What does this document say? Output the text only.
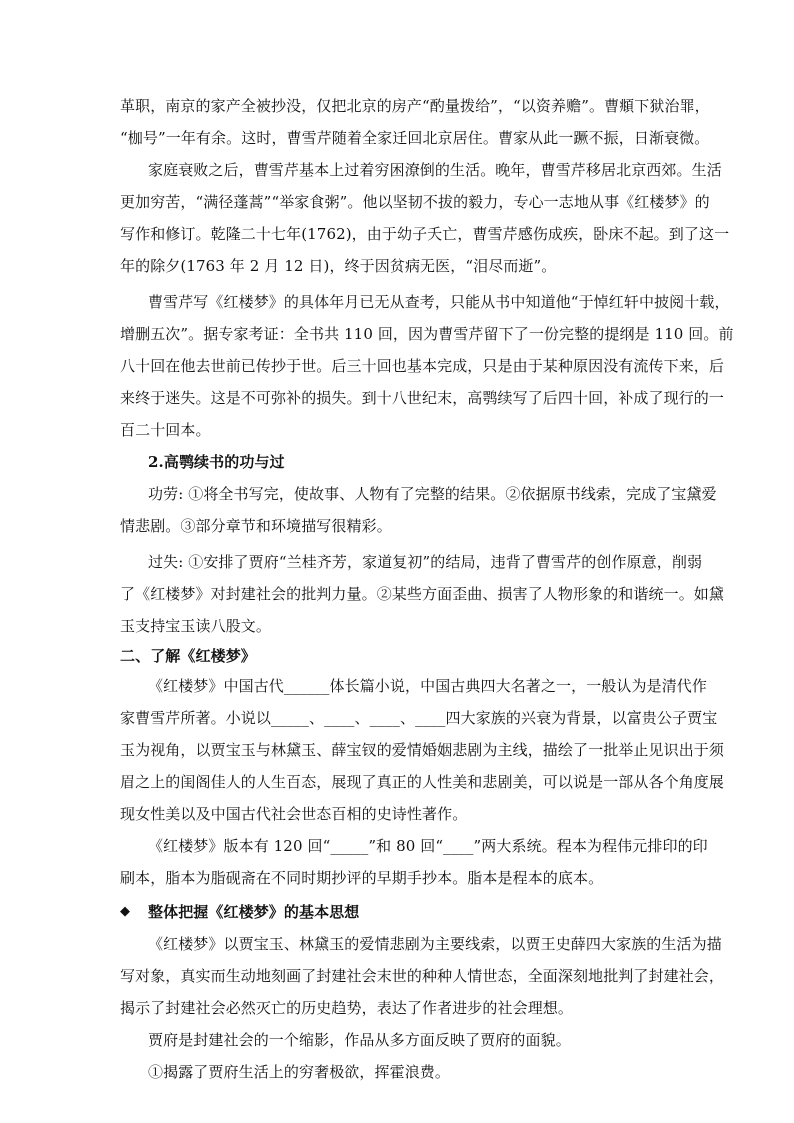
革职，南京的家产全被抄没，仅把北京的房产“酌量拨给”，“以资养赡”。曹頫下狱治罪，
“枷号”一年有余。这时，曹雪芹随着全家迁回北京居住。曹家从此一蹶不振，日渐衰微。
家庭衰败之后，曹雪芹基本上过着穷困潦倒的生活。晚年，曹雪芹移居北京西郊。生活
更加穷苦，“满径蓬蒿”“举家食粥”。他以坚韧不拔的毅力，专心一志地从事《红楼梦》的
写作和修订。乾隆二十七年(1762)，由于幼子夭亡，曹雪芹感伤成疾，卧床不起。到了这一
年的除夕(1763 年 2 月 12 日)，终于因贫病无医，“泪尽而逝”。
曹雪芹写《红楼梦》的具体年月已无从查考，只能从书中知道他“于悼红轩中披阅十载，
增删五次”。据专家考证：全书共 110 回，因为曹雪芹留下了一份完整的提纲是 110 回。前
八十回在他去世前已传抄于世。后三十回也基本完成，只是由于某种原因没有流传下来，后
来终于迷失。这是不可弥补的损失。到十八世纪末，高鹗续写了后四十回，补成了现行的一
百二十回本。
2.高鹗续书的功与过
功劳: ①将全书写完，使故事、人物有了完整的结果。②依据原书线索，完成了宝黛爱
情悲剧。③部分章节和环境描写很精彩。
过失: ①安排了贾府“兰桂齐芳，家道复初”的结局，违背了曹雪芹的创作原意，削弱
了《红楼梦》对封建社会的批判力量。②某些方面歪曲、损害了人物形象的和谐统一。如黛
玉支持宝玉读八股文。
二、了解《红楼梦》
《红楼梦》中国古代______体长篇小说，中国古典四大名著之一，一般认为是清代作
家曹雪芹所著。小说以_____、____、____、____四大家族的兴衰为背景，以富贵公子贾宝
玉为视角，以贾宝玉与林黛玉、薛宝钗的爱情婚姻悲剧为主线，描绘了一批举止见识出于须
眉之上的闺阁佳人的人生百态，展现了真正的人性美和悲剧美，可以说是一部从各个角度展
现女性美以及中国古代社会世态百相的史诗性著作。
《红楼梦》版本有 120 回“_____”和 80 回“____”两大系统。程本为程伟元排印的印
刷本，脂本为脂砚斋在不同时期抄评的早期手抄本。脂本是程本的底本。
◆ 整体把握《红楼梦》的基本思想
《红楼梦》以贾宝玉、林黛玉的爱情悲剧为主要线索，以贾王史薛四大家族的生活为描
写对象，真实而生动地刻画了封建社会末世的种种人情世态，全面深刻地批判了封建社会，
揭示了封建社会必然灭亡的历史趋势，表达了作者进步的社会理想。
贾府是封建社会的一个缩影，作品从多方面反映了贾府的面貌。
①揭露了贾府生活上的穷奢极欲，挥霍浪费。
